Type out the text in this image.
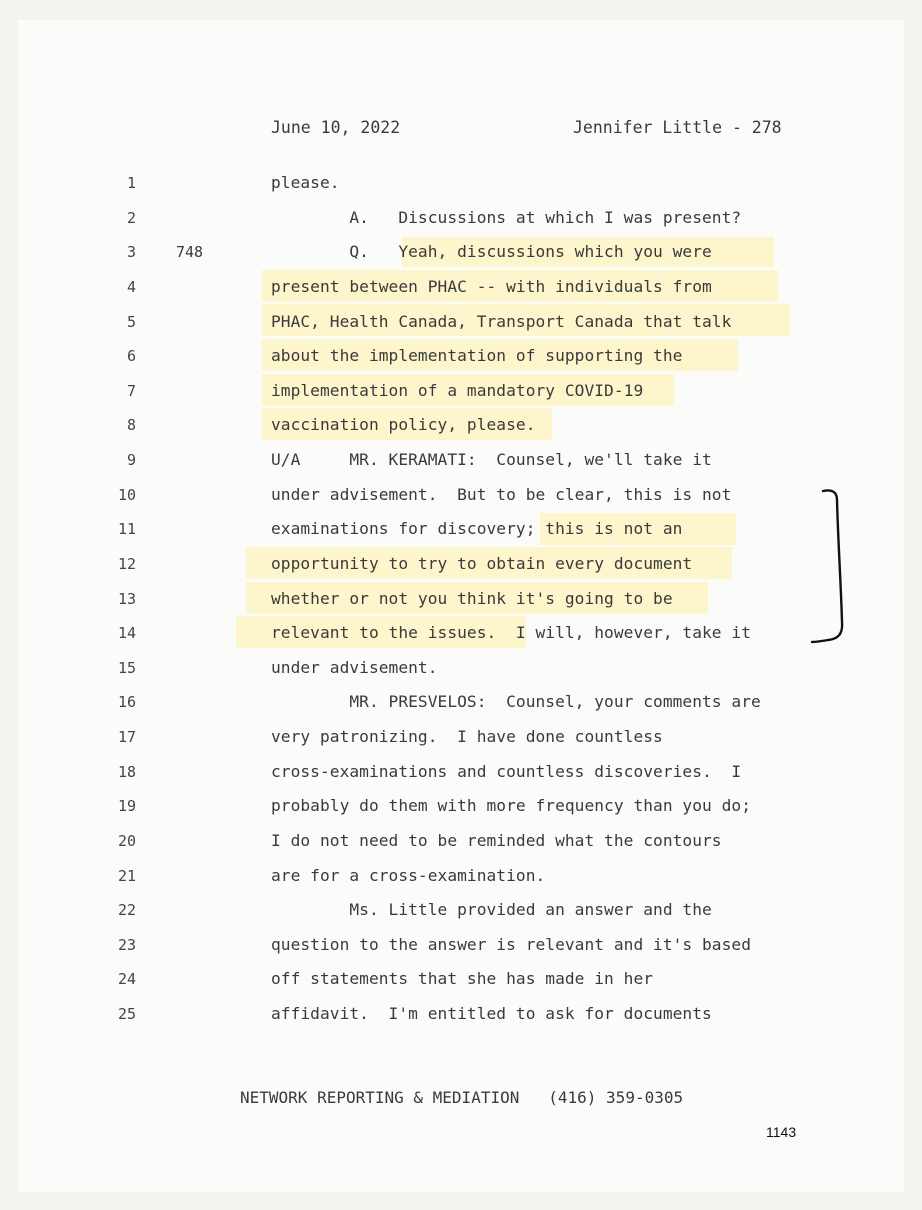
June 10, 2022	Jennifer Little - 278
1	please.
2	A.   Discussions at which I was present?
3	748	Q.   Yeah, discussions which you were
4	present between PHAC -- with individuals from
5	PHAC, Health Canada, Transport Canada that talk
6	about the implementation of supporting the
7	implementation of a mandatory COVID-19
8	vaccination policy, please.
9	U/A     MR. KERAMATI:  Counsel, we'll take it
10	under advisement.  But to be clear, this is not
11	examinations for discovery; this is not an
12	opportunity to try to obtain every document
13	whether or not you think it's going to be
14	relevant to the issues.  I will, however, take it
15	under advisement.
16	MR. PRESVELOS:  Counsel, your comments are
17	very patronizing.  I have done countless
18	cross-examinations and countless discoveries.  I
19	probably do them with more frequency than you do;
20	I do not need to be reminded what the contours
21	are for a cross-examination.
22	Ms. Little provided an answer and the
23	question to the answer is relevant and it's based
24	off statements that she has made in her
25	affidavit.  I'm entitled to ask for documents
NETWORK REPORTING & MEDIATION   (416) 359-0305
1143
